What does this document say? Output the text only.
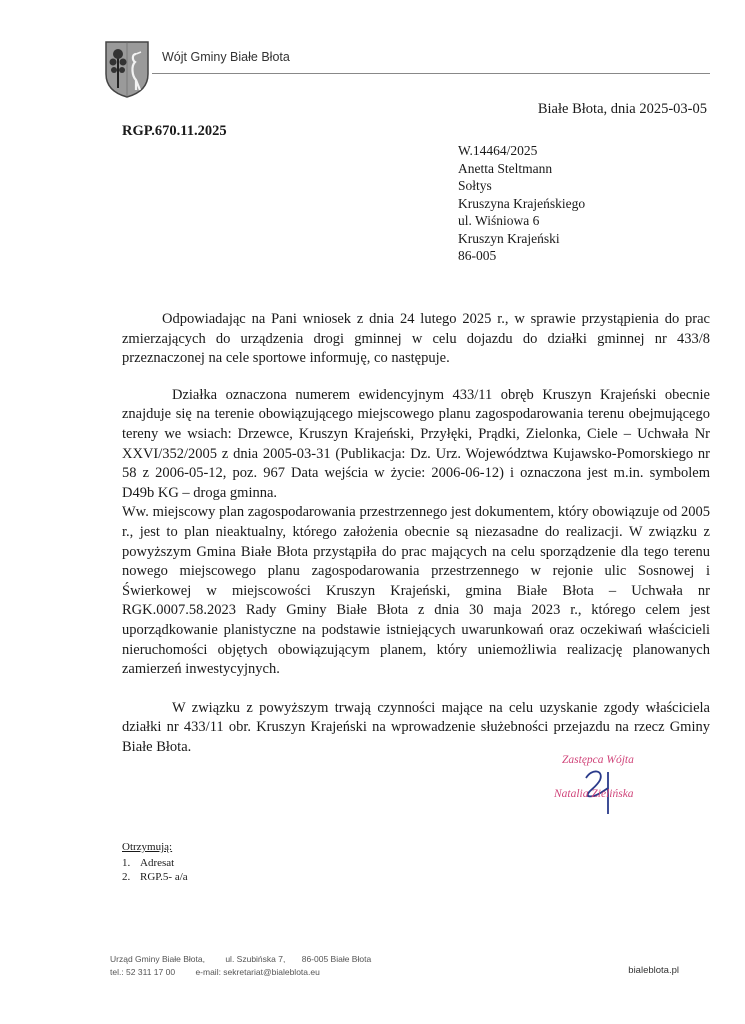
Wójt Gminy Białe Błota
Białe Błota, dnia 2025-03-05
RGP.670.11.2025
W.14464/2025
Anetta Steltmann
Sołtys
Kruszyna Krajeńskiego
ul. Wiśniowa 6
Kruszyn Krajeński
86-005

Odpowiadając na Pani wniosek z dnia 24 lutego 2025 r., w sprawie przystąpienia do prac zmierzających do urządzenia drogi gminnej w celu dojazdu do działki gminnej nr 433/8 przeznaczonej na cele sportowe informuję, co następuje.

Działka oznaczona numerem ewidencyjnym 433/11 obręb Kruszyn Krajeński obecnie znajduje się na terenie obowiązującego miejscowego planu zagospodarowania terenu obejmującego tereny we wsiach: Drzewce, Kruszyn Krajeński, Przyłęki, Prądki, Zielonka, Ciele – Uchwała Nr XXVI/352/2005 z dnia 2005-03-31 (Publikacja: Dz. Urz. Województwa Kujawsko-Pomorskiego nr 58 z 2006-05-12, poz. 967 Data wejścia w życie: 2006-06-12) i oznaczona jest m.in. symbolem D49b KG – droga gminna.

Ww. miejscowy plan zagospodarowania przestrzennego jest dokumentem, który obowiązuje od 2005 r., jest to plan nieaktualny, którego założenia obecnie są niezasadne do realizacji. W związku z powyższym Gmina Białe Błota przystąpiła do prac mających na celu sporządzenie dla tego terenu nowego miejscowego planu zagospodarowania przestrzennego w rejonie ulic Sosnowej i Świerkowej w miejscowości Kruszyn Krajeński, gmina Białe Błota – Uchwała nr RGK.0007.58.2023 Rady Gminy Białe Błota z dnia 30 maja 2023 r., którego celem jest uporządkowanie planistyczne na podstawie istniejących uwarunkowań oraz oczekiwań właścicieli nieruchomości objętych obowiązującym planem, który uniemożliwia realizację planowanych zamierzeń inwestycyjnych.

W związku z powyższym trwają czynności mające na celu uzyskanie zgody właściciela działki nr 433/11 obr. Kruszyn Krajeński na wprowadzenie służebności przejazdu na rzecz Gminy Białe Błota.

Zastępca Wójta
Natalia Zielińska
Otrzymują:
1. Adresat
2. RGP.5- a/a
Urząd Gminy Białe Błota, ul. Szubińska 7, 86-005 Białe Błota
tel.: 52 311 17 00 e-mail: sekretariat@bialeblota.eu	bialeblota.pl
